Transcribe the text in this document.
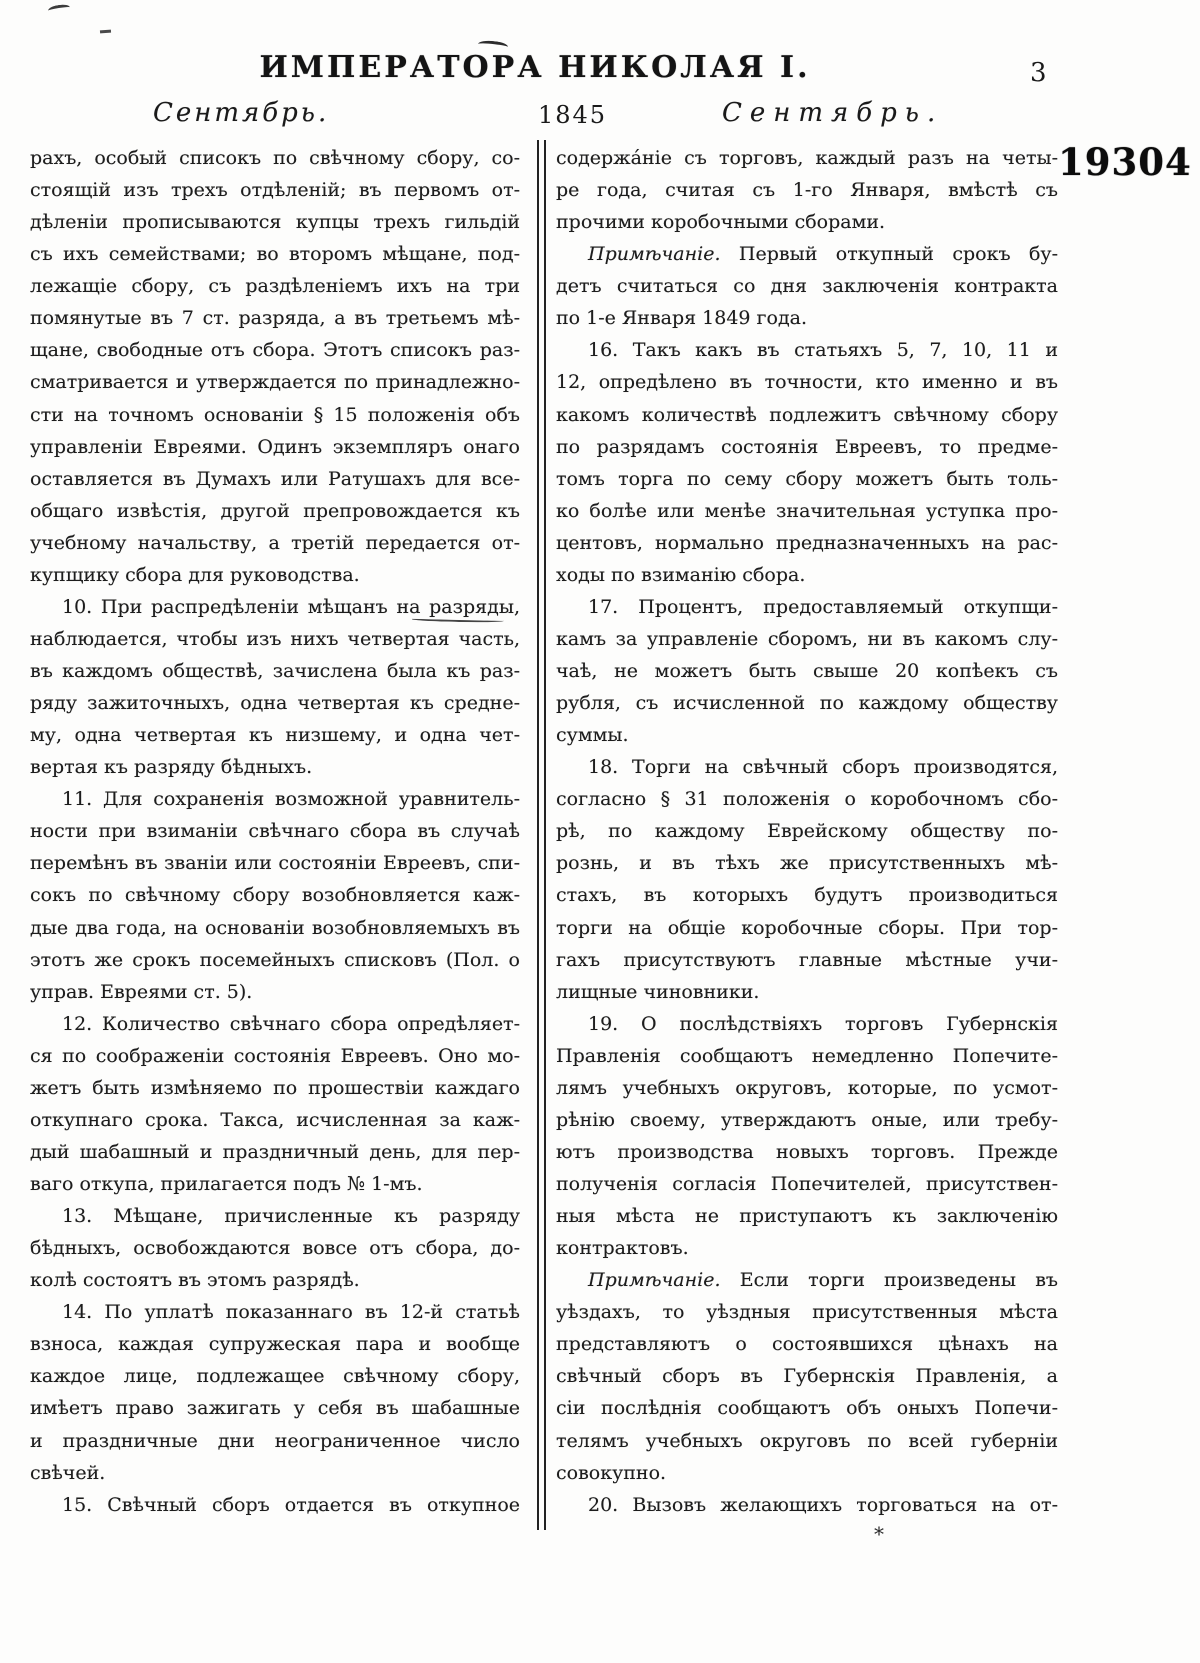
ИМПЕРАТОРА НИКОЛАЯ I.	3
Сентябрь.	1845	Сентябрь.
19304
рахъ, особый списокъ по свѣчному сбору, со-
стоящій изъ трехъ отдѣленій; въ первомъ от-
дѣленіи прописываются купцы трехъ гильдій
съ ихъ семействами; во второмъ мѣщане, под-
лежащіе сбору, съ раздѣленіемъ ихъ на три
помянутые въ 7 ст. разряда, а въ третьемъ мѣ-
щане, свободные отъ сбора. Этотъ списокъ раз-
сматривается и утверждается по принадлежно-
сти на точномъ основаніи § 15 положенія объ
управленіи Евреями. Одинъ экземпляръ онаго
оставляется въ Думахъ или Ратушахъ для все-
общаго извѣстія, другой препровождается къ
учебному начальству, а третій передается от-
купщику сбора для руководства.
10. При распредѣленіи мѣщанъ на разряды,
наблюдается, чтобы изъ нихъ четвертая часть,
въ каждомъ обществѣ, зачислена была къ раз-
ряду зажиточныхъ, одна четвертая къ средне-
му, одна четвертая къ низшему, и одна чет-
вертая къ разряду бѣдныхъ.
11. Для сохраненія возможной уравнитель-
ности при взиманіи свѣчнаго сбора въ случаѣ
перемѣнъ въ званіи или состояніи Евреевъ, спи-
сокъ по свѣчному сбору возобновляется каж-
дые два года, на основаніи возобновляемыхъ въ
этотъ же срокъ посемейныхъ списковъ (Пол. о
управ. Евреями ст. 5).
12. Количество свѣчнаго сбора опредѣляет-
ся по соображеніи состоянія Евреевъ. Оно мо-
жетъ быть измѣняемо по прошествіи каждаго
откупнаго срока. Такса, исчисленная за каж-
дый шабашный и праздничный день, для пер-
ваго откупа, прилагается подъ № 1-мъ.
13. Мѣщане, причисленные къ разряду
бѣдныхъ, освобождаются вовсе отъ сбора, до-
колѣ состоятъ въ этомъ разрядѣ.
14. По уплатѣ показаннаго въ 12-й статьѣ
взноса, каждая супружеская пара и вообще
каждое лице, подлежащее свѣчному сбору,
имѣетъ право зажигать у себя въ шабашные
и праздничные дни неограниченное число
свѣчей.
15. Свѣчный сборъ отдается въ откупное
содержа́ніе съ торговъ, каждый разъ на четы-
ре года, считая съ 1-го Января, вмѣстѣ съ
прочими коробочными сборами.
Примѣчаніе. Первый откупный срокъ бу-
детъ считаться со дня заключенія контракта
по 1-е Января 1849 года.
16. Такъ какъ въ статьяхъ 5, 7, 10, 11 и
12, опредѣлено въ точности, кто именно и въ
какомъ количествѣ подлежитъ свѣчному сбору
по разрядамъ состоянія Евреевъ, то предме-
томъ торга по сему сбору можетъ быть толь-
ко болѣе или менѣе значительная уступка про-
центовъ, нормально предназначенныхъ на рас-
ходы по взиманію сбора.
17. Процентъ, предоставляемый откупщи-
камъ за управленіе сборомъ, ни въ какомъ слу-
чаѣ, не можетъ быть свыше 20 копѣекъ съ
рубля, съ исчисленной по каждому обществу
суммы.
18. Торги на свѣчный сборъ производятся,
согласно § 31 положенія о коробочномъ сбо-
рѣ, по каждому Еврейскому обществу по-
рознь, и въ тѣхъ же присутственныхъ мѣ-
стахъ, въ которыхъ будутъ производиться
торги на общіе коробочные сборы. При тор-
гахъ присутствуютъ главные мѣстные учи-
лищные чиновники.
19. О послѣдствіяхъ торговъ Губернскія
Правленія сообщаютъ немедленно Попечите-
лямъ учебныхъ округовъ, которые, по усмот-
рѣнію своему, утверждаютъ оные, или требу-
ютъ производства новыхъ торговъ. Прежде
полученія согласія Попечителей, присутствен-
ныя мѣста не приступаютъ къ заключенію
контрактовъ.
Примѣчаніе. Если торги произведены въ
уѣздахъ, то уѣздныя присутственныя мѣста
представляютъ о состоявшихся цѣнахъ на
свѣчный сборъ въ Губернскія Правленія, а
сіи послѣднія сообщаютъ объ оныхъ Попечи-
телямъ учебныхъ округовъ по всей губерніи
совокупно.
20. Вызовъ желающихъ торговаться на от-
*
